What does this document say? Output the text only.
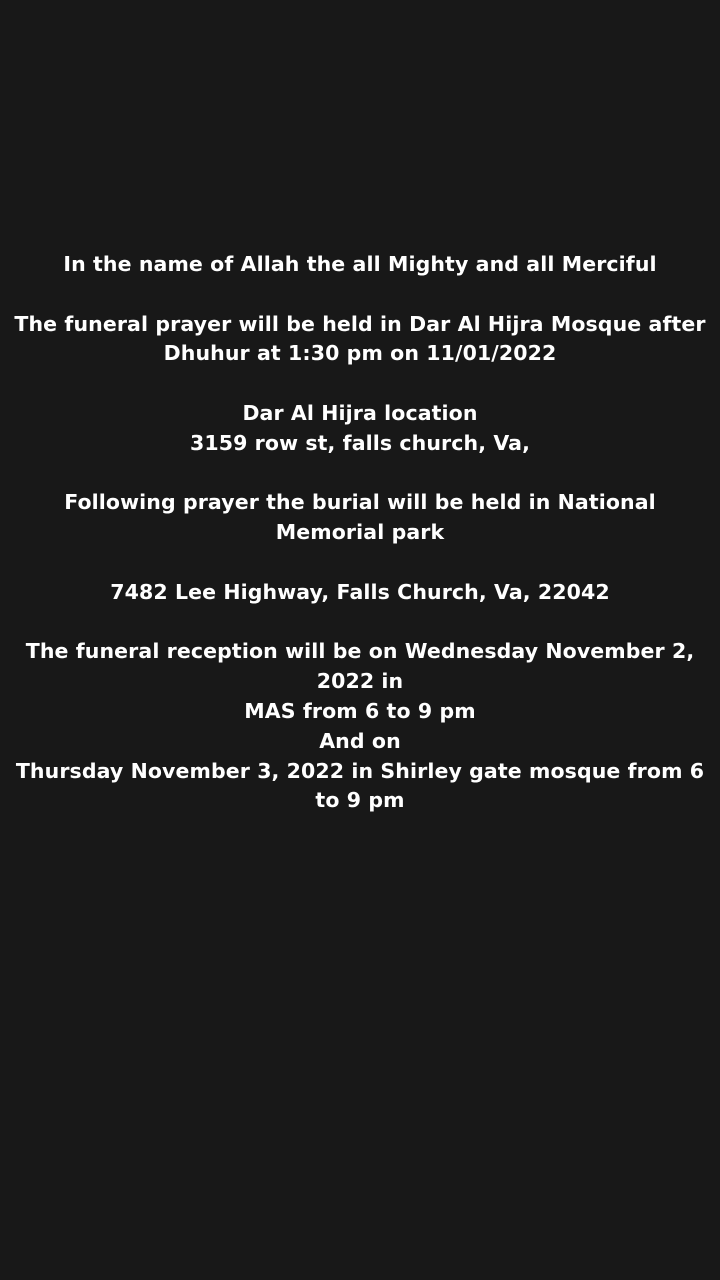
In the name of Allah the all Mighty and all Merciful

The funeral prayer will be held in Dar Al Hijra Mosque after Dhuhur at 1:30 pm on 11/01/2022

Dar Al Hijra location
3159 row st, falls church, Va,

Following prayer the burial will be held in National Memorial park

7482 Lee Highway, Falls Church, Va, 22042

The funeral reception will be on Wednesday November 2, 2022 in
MAS from 6 to 9 pm
And on
Thursday November 3, 2022 in Shirley gate mosque from 6 to 9 pm
